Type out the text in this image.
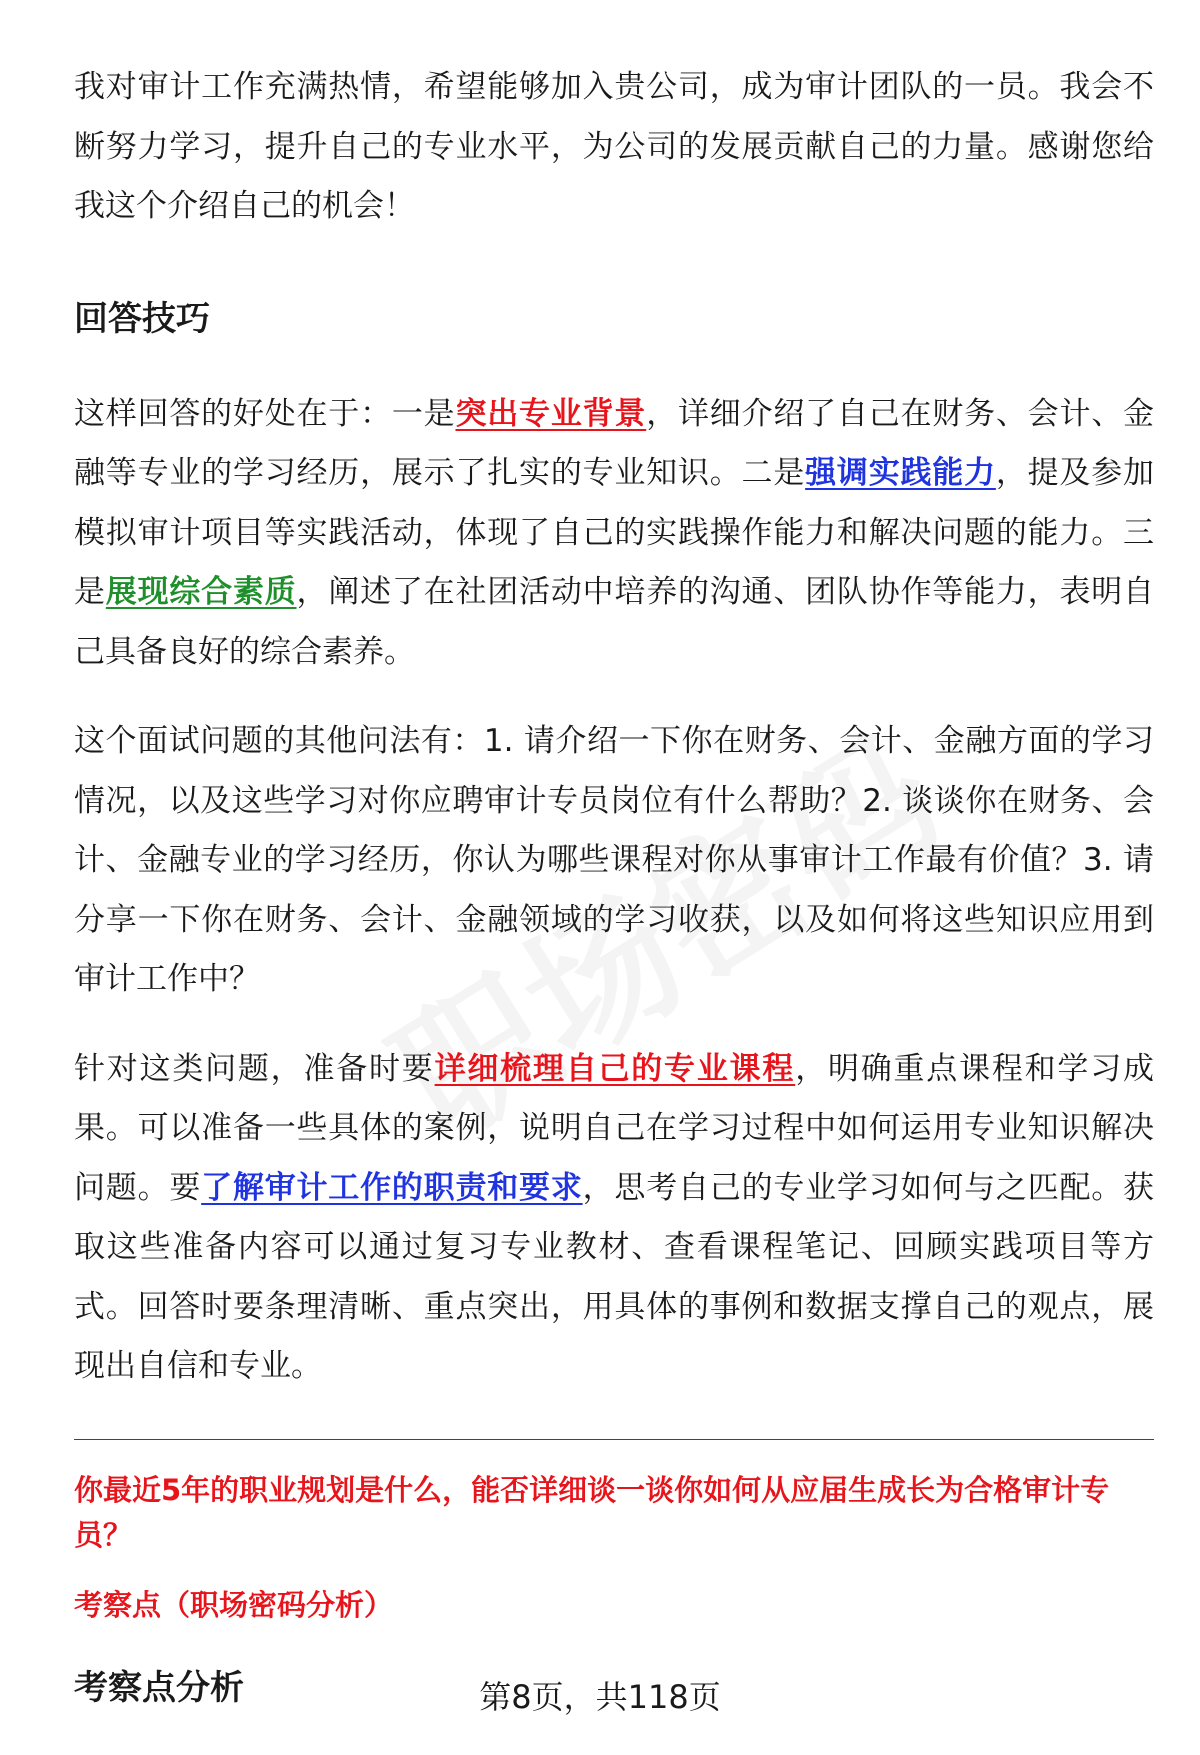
我对审计工作充满热情，希望能够加入贵公司，成为审计团队的一员。我会不断努力学习，提升自己的专业水平，为公司的发展贡献自己的力量。感谢您给我这个介绍自己的机会！

回答技巧

这样回答的好处在于：一是突出专业背景，详细介绍了自己在财务、会计、金融等专业的学习经历，展示了扎实的专业知识。二是强调实践能力，提及参加模拟审计项目等实践活动，体现了自己的实践操作能力和解决问题的能力。三是展现综合素质，阐述了在社团活动中培养的沟通、团队协作等能力，表明自己具备良好的综合素养。

这个面试问题的其他问法有：1. 请介绍一下你在财务、会计、金融方面的学习情况，以及这些学习对你应聘审计专员岗位有什么帮助？2. 谈谈你在财务、会计、金融专业的学习经历，你认为哪些课程对你从事审计工作最有价值？3. 请分享一下你在财务、会计、金融领域的学习收获，以及如何将这些知识应用到审计工作中？

针对这类问题，准备时要详细梳理自己的专业课程，明确重点课程和学习成果。可以准备一些具体的案例，说明自己在学习过程中如何运用专业知识解决问题。要了解审计工作的职责和要求，思考自己的专业学习如何与之匹配。获取这些准备内容可以通过复习专业教材、查看课程笔记、回顾实践项目等方式。回答时要条理清晰、重点突出，用具体的事例和数据支撑自己的观点，展现出自信和专业。

你最近5年的职业规划是什么，能否详细谈一谈你如何从应届生成长为合格审计专员？
考察点（职场密码分析）
考察点分析	第8页，共118页
